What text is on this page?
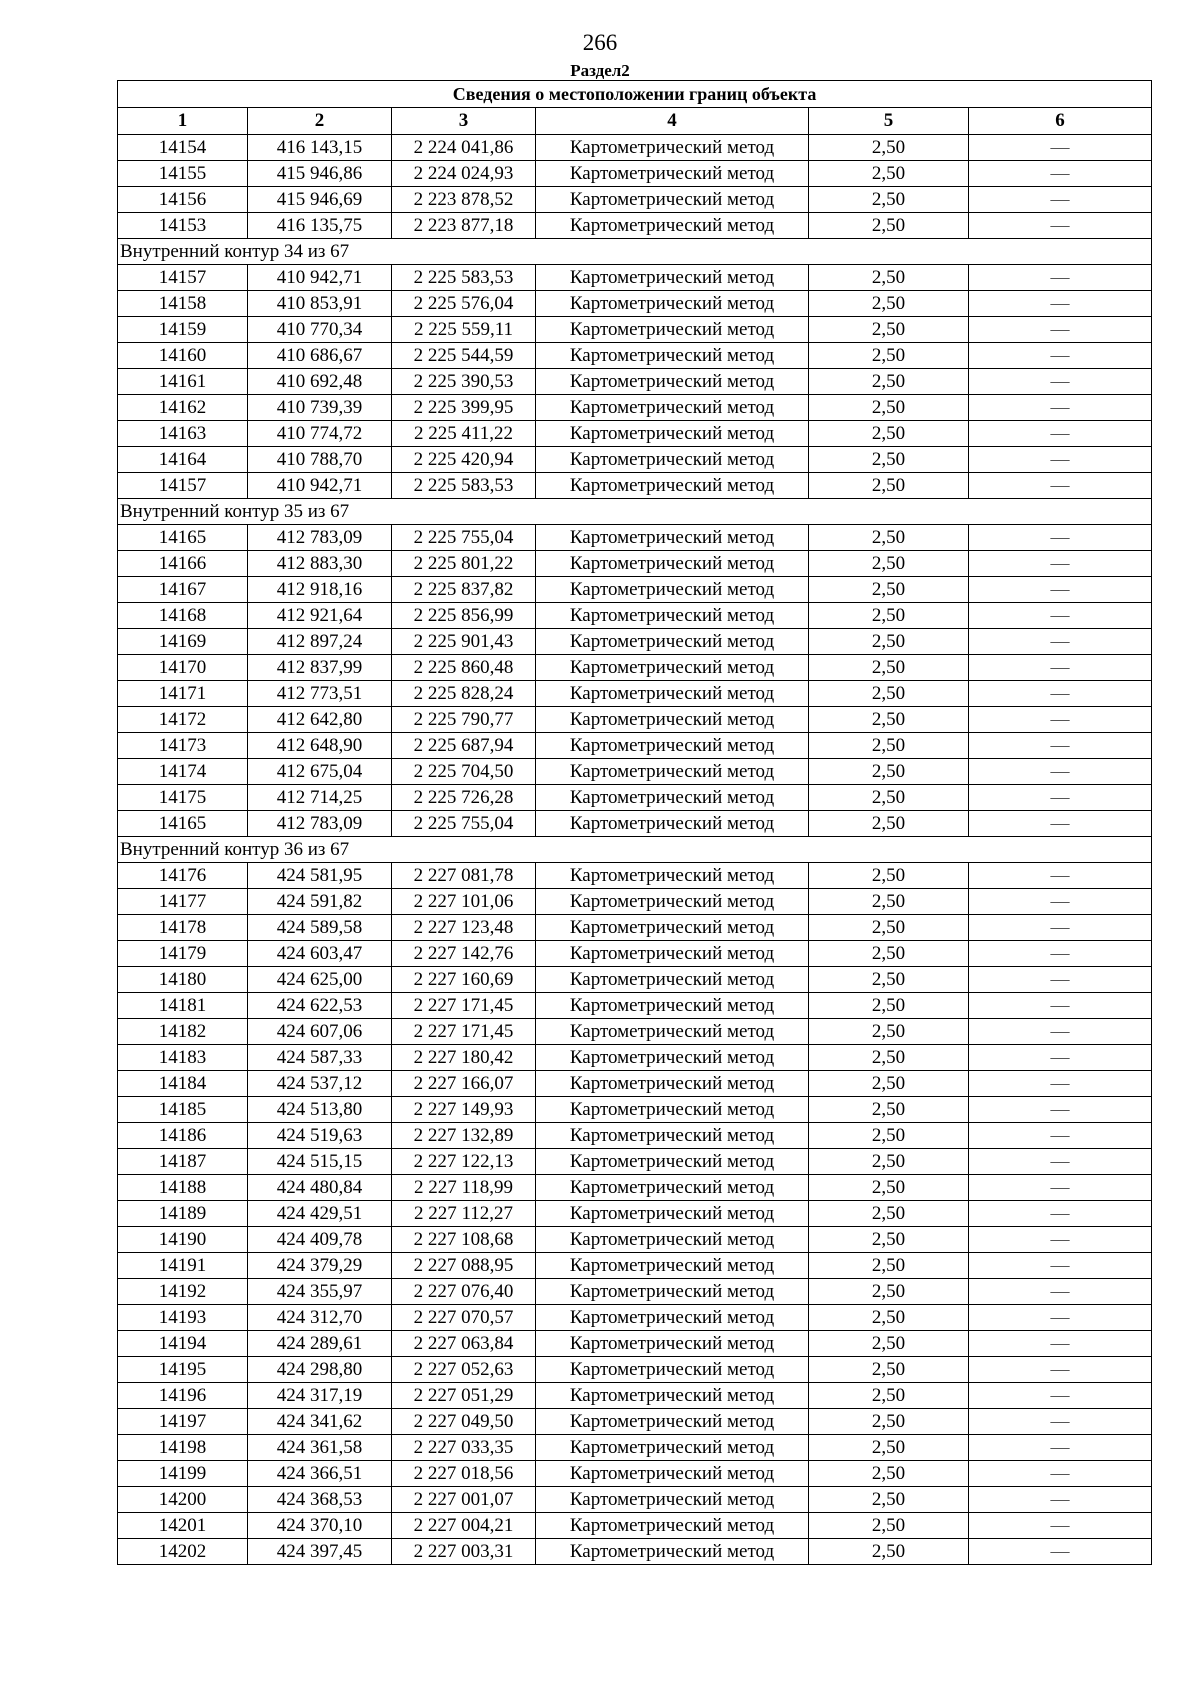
266
Раздел2
Сведения о местоположении границ объекта					
1	2	3	4	5	6
14154	416 143,15	2 224 041,86	Картометрический метод	2,50	—
14155	415 946,86	2 224 024,93	Картометрический метод	2,50	—
14156	415 946,69	2 223 878,52	Картометрический метод	2,50	—
14153	416 135,75	2 223 877,18	Картометрический метод	2,50	—
Внутренний контур 34 из 67					
14157	410 942,71	2 225 583,53	Картометрический метод	2,50	—
14158	410 853,91	2 225 576,04	Картометрический метод	2,50	—
14159	410 770,34	2 225 559,11	Картометрический метод	2,50	—
14160	410 686,67	2 225 544,59	Картометрический метод	2,50	—
14161	410 692,48	2 225 390,53	Картометрический метод	2,50	—
14162	410 739,39	2 225 399,95	Картометрический метод	2,50	—
14163	410 774,72	2 225 411,22	Картометрический метод	2,50	—
14164	410 788,70	2 225 420,94	Картометрический метод	2,50	—
14157	410 942,71	2 225 583,53	Картометрический метод	2,50	—
Внутренний контур 35 из 67					
14165	412 783,09	2 225 755,04	Картометрический метод	2,50	—
14166	412 883,30	2 225 801,22	Картометрический метод	2,50	—
14167	412 918,16	2 225 837,82	Картометрический метод	2,50	—
14168	412 921,64	2 225 856,99	Картометрический метод	2,50	—
14169	412 897,24	2 225 901,43	Картометрический метод	2,50	—
14170	412 837,99	2 225 860,48	Картометрический метод	2,50	—
14171	412 773,51	2 225 828,24	Картометрический метод	2,50	—
14172	412 642,80	2 225 790,77	Картометрический метод	2,50	—
14173	412 648,90	2 225 687,94	Картометрический метод	2,50	—
14174	412 675,04	2 225 704,50	Картометрический метод	2,50	—
14175	412 714,25	2 225 726,28	Картометрический метод	2,50	—
14165	412 783,09	2 225 755,04	Картометрический метод	2,50	—
Внутренний контур 36 из 67					
14176	424 581,95	2 227 081,78	Картометрический метод	2,50	—
14177	424 591,82	2 227 101,06	Картометрический метод	2,50	—
14178	424 589,58	2 227 123,48	Картометрический метод	2,50	—
14179	424 603,47	2 227 142,76	Картометрический метод	2,50	—
14180	424 625,00	2 227 160,69	Картометрический метод	2,50	—
14181	424 622,53	2 227 171,45	Картометрический метод	2,50	—
14182	424 607,06	2 227 171,45	Картометрический метод	2,50	—
14183	424 587,33	2 227 180,42	Картометрический метод	2,50	—
14184	424 537,12	2 227 166,07	Картометрический метод	2,50	—
14185	424 513,80	2 227 149,93	Картометрический метод	2,50	—
14186	424 519,63	2 227 132,89	Картометрический метод	2,50	—
14187	424 515,15	2 227 122,13	Картометрический метод	2,50	—
14188	424 480,84	2 227 118,99	Картометрический метод	2,50	—
14189	424 429,51	2 227 112,27	Картометрический метод	2,50	—
14190	424 409,78	2 227 108,68	Картометрический метод	2,50	—
14191	424 379,29	2 227 088,95	Картометрический метод	2,50	—
14192	424 355,97	2 227 076,40	Картометрический метод	2,50	—
14193	424 312,70	2 227 070,57	Картометрический метод	2,50	—
14194	424 289,61	2 227 063,84	Картометрический метод	2,50	—
14195	424 298,80	2 227 052,63	Картометрический метод	2,50	—
14196	424 317,19	2 227 051,29	Картометрический метод	2,50	—
14197	424 341,62	2 227 049,50	Картометрический метод	2,50	—
14198	424 361,58	2 227 033,35	Картометрический метод	2,50	—
14199	424 366,51	2 227 018,56	Картометрический метод	2,50	—
14200	424 368,53	2 227 001,07	Картометрический метод	2,50	—
14201	424 370,10	2 227 004,21	Картометрический метод	2,50	—
14202	424 397,45	2 227 003,31	Картометрический метод	2,50	—
